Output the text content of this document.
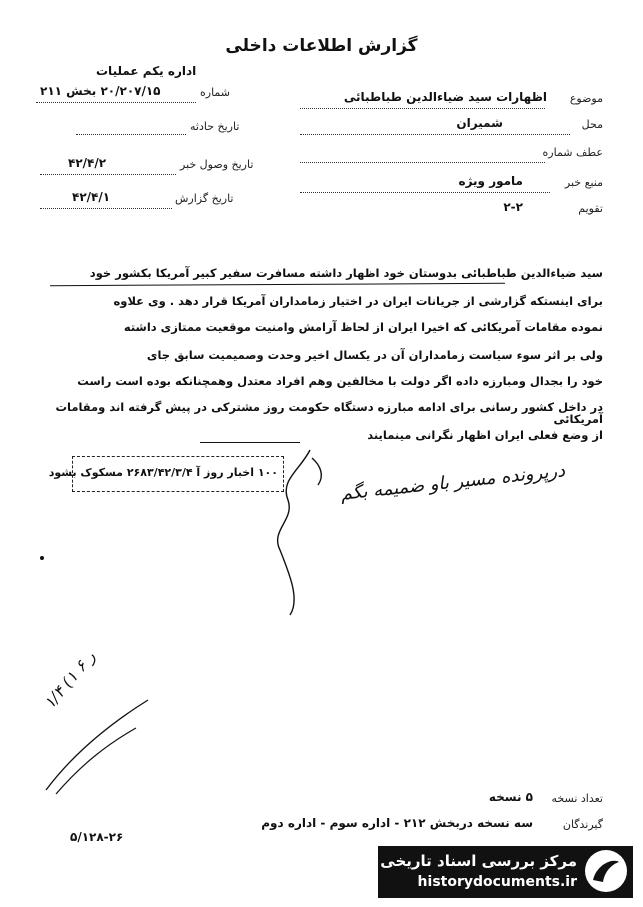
گزارش اطلاعات داخلی
اداره یکم عملیات
شماره
۲۰/۲۰۷/۱۵ بخش ۲۱۱
تاریخ حادثه
تاریخ وصول خبر
۴۲/۴/۲
تاریخ گزارش
۴۲/۴/۱
موضوع
اظهارات سید ضیاءالدین طباطبائی
محل
شمیران
عطف شماره
منبع خبر
مامور ویژه
تقویم
۲-۲
سید ضیاءالدین طباطبائی بدوستان خود اظهار داشته مسافرت سفیر کبیر آمریکا بکشور خود
برای اینستکه گزارشی از جریانات ایران در اختیار زمامداران آمریکا قرار دهد . وی علاوه
نموده مقامات آمریکائی که اخیرا ایران از لحاظ آرامش وامنیت موقعیت ممتازی داشته
ولی بر اثر سوء سیاست زمامداران آن در یکسال اخیر وحدت وصمیمیت سابق جای
خود را بجدال ومبارزه داده اگر دولت با مخالفین وهم افراد معتدل وهمچنانکه بوده است راست
در داخل کشور رسانی برای ادامه مبارزه دستگاه حکومت روز مشترکی در پیش گرفته اند ومقامات آمریکائی
از وضع فعلی ایران اظهار نگرانی مینمایند
۱۰۰ اخبار روز آ ۲۶۸۳/۴۲/۳/۴ مسکوک بشود	درپرونده مسیر باو ضمیمه بگم
۱/۴ (۱ ر ۶
تعداد نسخه
۵ نسخه
گیرندگان
سه نسخه دربخش ۲۱۲ - اداره سوم - اداره دوم
۵/۱۲۸-۲۶
مرکز بررسی اسناد تاریخی
historydocuments.ir
